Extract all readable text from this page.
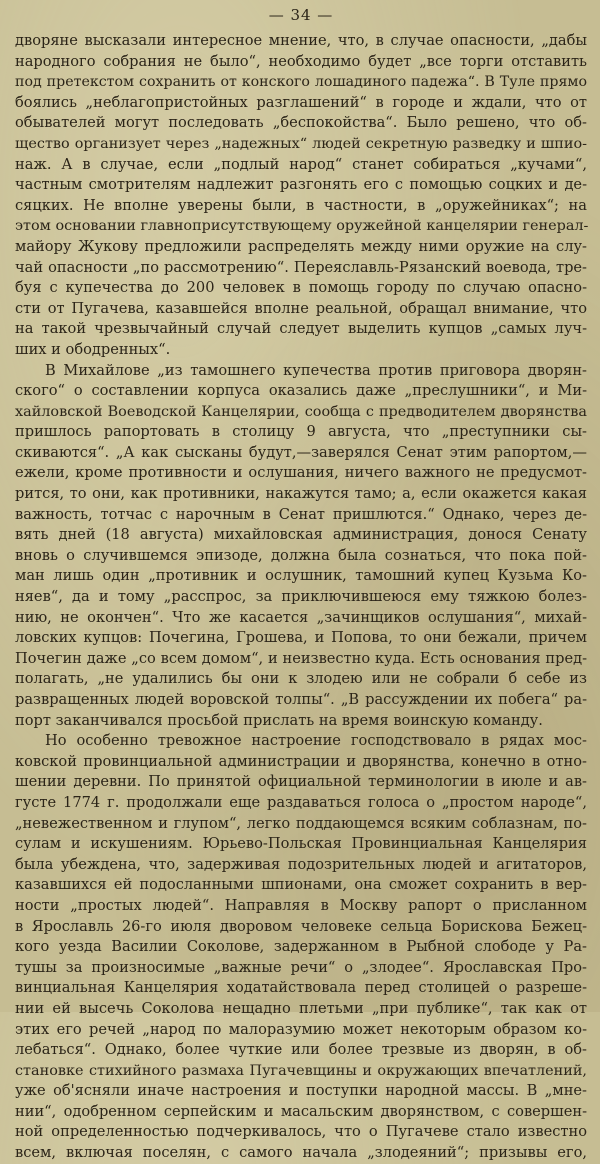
— 34 —
дворяне высказали интересное мнение, что, в случае опасности, „дабы
народного собрания не было“, необходимо будет „все торги отставить
под претекстом сохранить от конского лошадиного падежа“. В Туле прямо
боялись „неблагопристойных разглашений“ в городе и ждали, что от
обывателей могут последовать „беспокойства“. Было решено, что об-
щество организует через „надежных“ людей секретную разведку и шпио-
наж. А в случае, если „подлый народ“ станет собираться „кучами“,
частным смотрителям надлежит разгонять его с помощью соцких и де-
сяцких. Не вполне уверены были, в частности, в „оружейниках“; на
этом основании главноприсутствующему оружейной канцелярии генерал-
майору Жукову предложили распределять между ними оружие на слу-
чай опасности „по рассмотрению“. Переяславль-Рязанский воевода, тре-
буя с купечества до 200 человек в помощь городу по случаю опасно-
сти от Пугачева, казавшейся вполне реальной, обращал внимание, что
на такой чрезвычайный случай следует выделить купцов „самых луч-
ших и ободренных“.
В Михайлове „из тамошнего купечества против приговора дворян-
ского“ о составлении корпуса оказались даже „преслушники“, и Ми-
хайловской Воеводской Канцелярии, сообща с предводителем дворянства
пришлось рапортовать в столицу 9 августа, что „преступники сы-
скиваются“. „А как сысканы будут,—заверялся Сенат этим рапортом,—
ежели, кроме противности и ослушания, ничего важного не предусмот-
рится, то они, как противники, накажутся тамо; а, ecли окажется какая
важность, тотчас с нарочным в Сенат пришлются.“ Однако, через де-
вять дней (18 августа) михайловская администрация, донося Сенату
вновь о случившемся эпизоде, должна была сознаться, что пока пой-
ман лишь один „противник и ослушник, тамошний купец Кузьма Ко-
няев“, да и тому „расспрос, за приключившеюся ему тяжкою болез-
нию, не окончен“. Что же касается „зачинщиков ослушания“, михай-
ловских купцов: Почегина, Грошева, и Попова, то они бежали, причем
Почегин даже „со всем домом“, и неизвестно куда. Есть основания пред-
полагать, „не удалились бы они к злодею или не собрали б себе из
развращенных людей воровской толпы“. „В рассуждении их побега“ ра-
порт заканчивался просьбой прислать на время воинскую команду.
Но особенно тревожное настроение господствовало в рядах мос-
ковской провинциальной администрации и дворянства, конечно в отно-
шении деревни. По принятой официальной терминологии в июле и ав-
густе 1774 г. продолжали еще раздаваться голоса о „простом народе“,
„невежественном и глупом“, легко поддающемся всяким соблазнам, по-
сулам и искушениям. Юрьево-Польская Провинциальная Канцелярия
была убеждена, что, задерживая подозрительных людей и агитаторов,
казавшихся ей подосланными шпионами, она сможет сохранить в вер-
ности „простых людей“. Направляя в Москву рапорт о присланном
в Ярославль 26-го июля дворовом человеке сельца Борискова Бежец-
кого уезда Василии Соколове, задержанном в Рыбной слободе у Ра-
тушы за произносимые „важные речи“ о „злодее“. Ярославская Про-
винциальная Канцелярия ходатайствовала перед столицей о разреше-
нии ей высечь Соколова нещадно плетьми „при публике“, так как от
этих его речей „народ по малоразумию может некоторым образом ко-
лебаться“. Однако, более чуткие или более трезвые из дворян, в об-
становке стихийного размаха Пугачевщины и окружающих впечатлений,
уже об'ясняли иначе настроения и поступки народной массы. В „мне-
нии“, одобренном серпейским и масальским дворянством, с совершен-
ной определенностью подчеркивалось, что о Пугачеве стало известно
всем, включая поселян, с самого начала „злодеяний“; призывы его,
